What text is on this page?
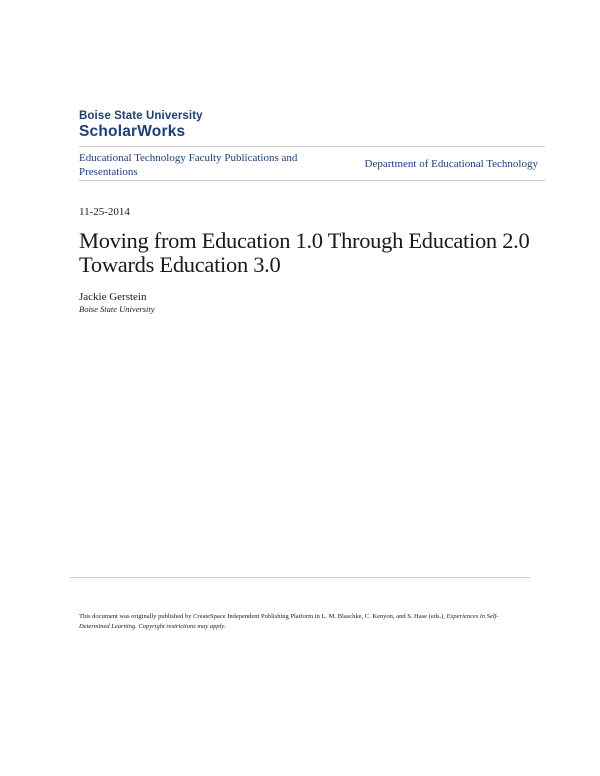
Boise State University
ScholarWorks
Educational Technology Faculty Publications and Presentations
Department of Educational Technology
11-25-2014
Moving from Education 1.0 Through Education 2.0 Towards Education 3.0
Jackie Gerstein
Boise State University

This document was originally published by CreateSpace Independent Publishing Platform in L. M. Blaschke, C. Kenyon, and S. Hase (eds.), Experiences in Self-Determined Learning. Copyright restrictions may apply.
